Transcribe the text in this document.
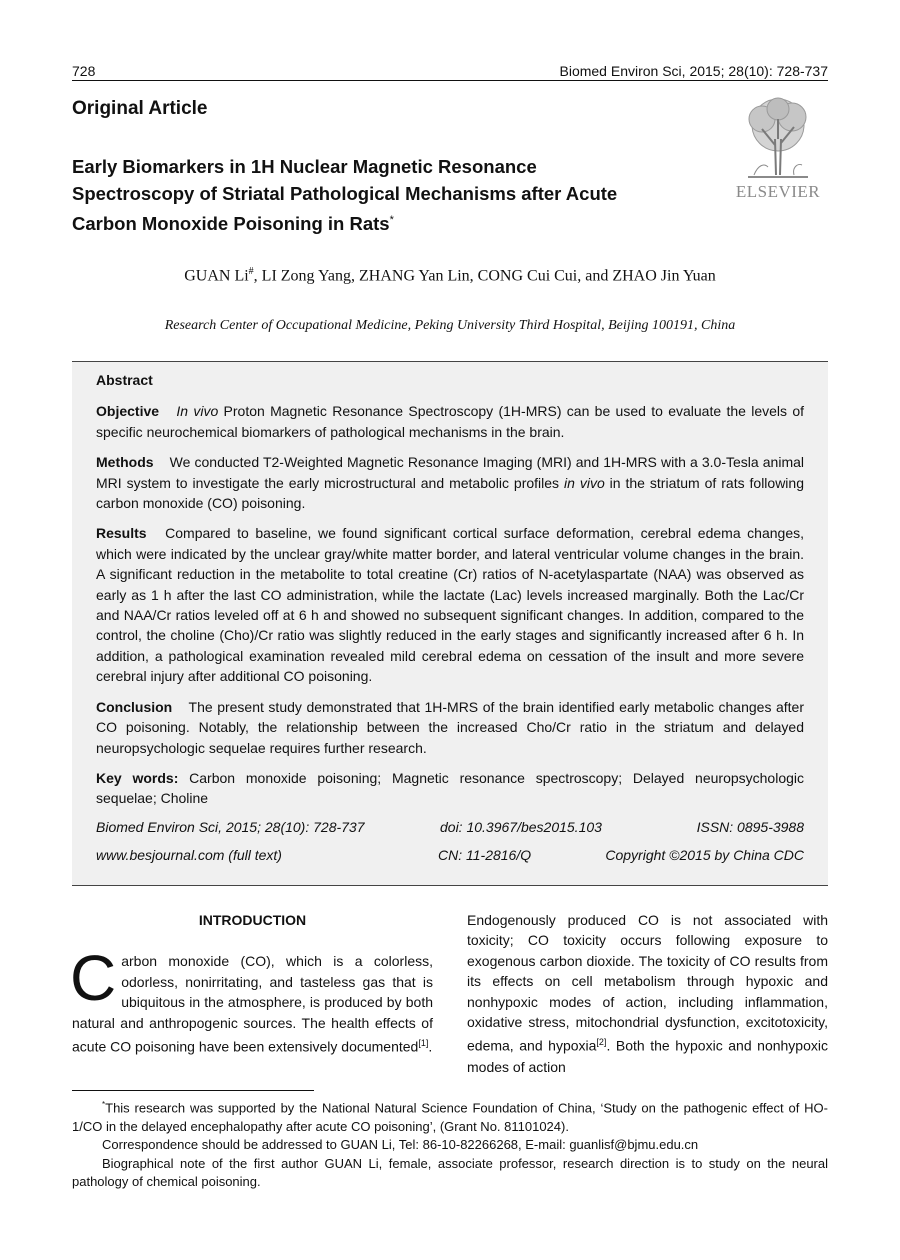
728	Biomed Environ Sci, 2015; 28(10): 728-737
Original Article
Early Biomarkers in 1H Nuclear Magnetic Resonance Spectroscopy of Striatal Pathological Mechanisms after Acute Carbon Monoxide Poisoning in Rats*
ELSEVIER
GUAN Li#, LI Zong Yang, ZHANG Yan Lin, CONG Cui Cui, and ZHAO Jin Yuan
Research Center of Occupational Medicine, Peking University Third Hospital, Beijing 100191, China
Abstract

Objective In vivo Proton Magnetic Resonance Spectroscopy (1H-MRS) can be used to evaluate the levels of specific neurochemical biomarkers of pathological mechanisms in the brain.

Methods We conducted T2-Weighted Magnetic Resonance Imaging (MRI) and 1H-MRS with a 3.0-Tesla animal MRI system to investigate the early microstructural and metabolic profiles in vivo in the striatum of rats following carbon monoxide (CO) poisoning.

Results Compared to baseline, we found significant cortical surface deformation, cerebral edema changes, which were indicated by the unclear gray/white matter border, and lateral ventricular volume changes in the brain. A significant reduction in the metabolite to total creatine (Cr) ratios of N-acetylaspartate (NAA) was observed as early as 1 h after the last CO administration, while the lactate (Lac) levels increased marginally. Both the Lac/Cr and NAA/Cr ratios leveled off at 6 h and showed no subsequent significant changes. In addition, compared to the control, the choline (Cho)/Cr ratio was slightly reduced in the early stages and significantly increased after 6 h. In addition, a pathological examination revealed mild cerebral edema on cessation of the insult and more severe cerebral injury after additional CO poisoning.

Conclusion The present study demonstrated that 1H-MRS of the brain identified early metabolic changes after CO poisoning. Notably, the relationship between the increased Cho/Cr ratio in the striatum and delayed neuropsychologic sequelae requires further research.

Key words: Carbon monoxide poisoning; Magnetic resonance spectroscopy; Delayed neuropsychologic sequelae; Choline

Biomed Environ Sci, 2015; 28(10): 728-737	doi: 10.3967/bes2015.103	ISSN: 0895-3988
www.besjournal.com (full text)	CN: 11-2816/Q	Copyright ©2015 by China CDC
INTRODUCTION

Carbon monoxide (CO), which is a colorless, odorless, nonirritating, and tasteless gas that is ubiquitous in the atmosphere, is produced by both natural and anthropogenic sources. The health effects of acute CO poisoning have been extensively documented[1].

Endogenously produced CO is not associated with toxicity; CO toxicity occurs following exposure to exogenous carbon dioxide. The toxicity of CO results from its effects on cell metabolism through hypoxic and nonhypoxic modes of action, including inflammation, oxidative stress, mitochondrial dysfunction, excitotoxicity, edema, and hypoxia[2]. Both the hypoxic and nonhypoxic modes of action

*This research was supported by the National Natural Science Foundation of China, ‘Study on the pathogenic effect of HO-1/CO in the delayed encephalopathy after acute CO poisoning’, (Grant No. 81101024).

Correspondence should be addressed to GUAN Li, Tel: 86-10-82266268, E-mail: guanlisf@bjmu.edu.cn

Biographical note of the first author GUAN Li, female, associate professor, research direction is to study on the neural pathology of chemical poisoning.
